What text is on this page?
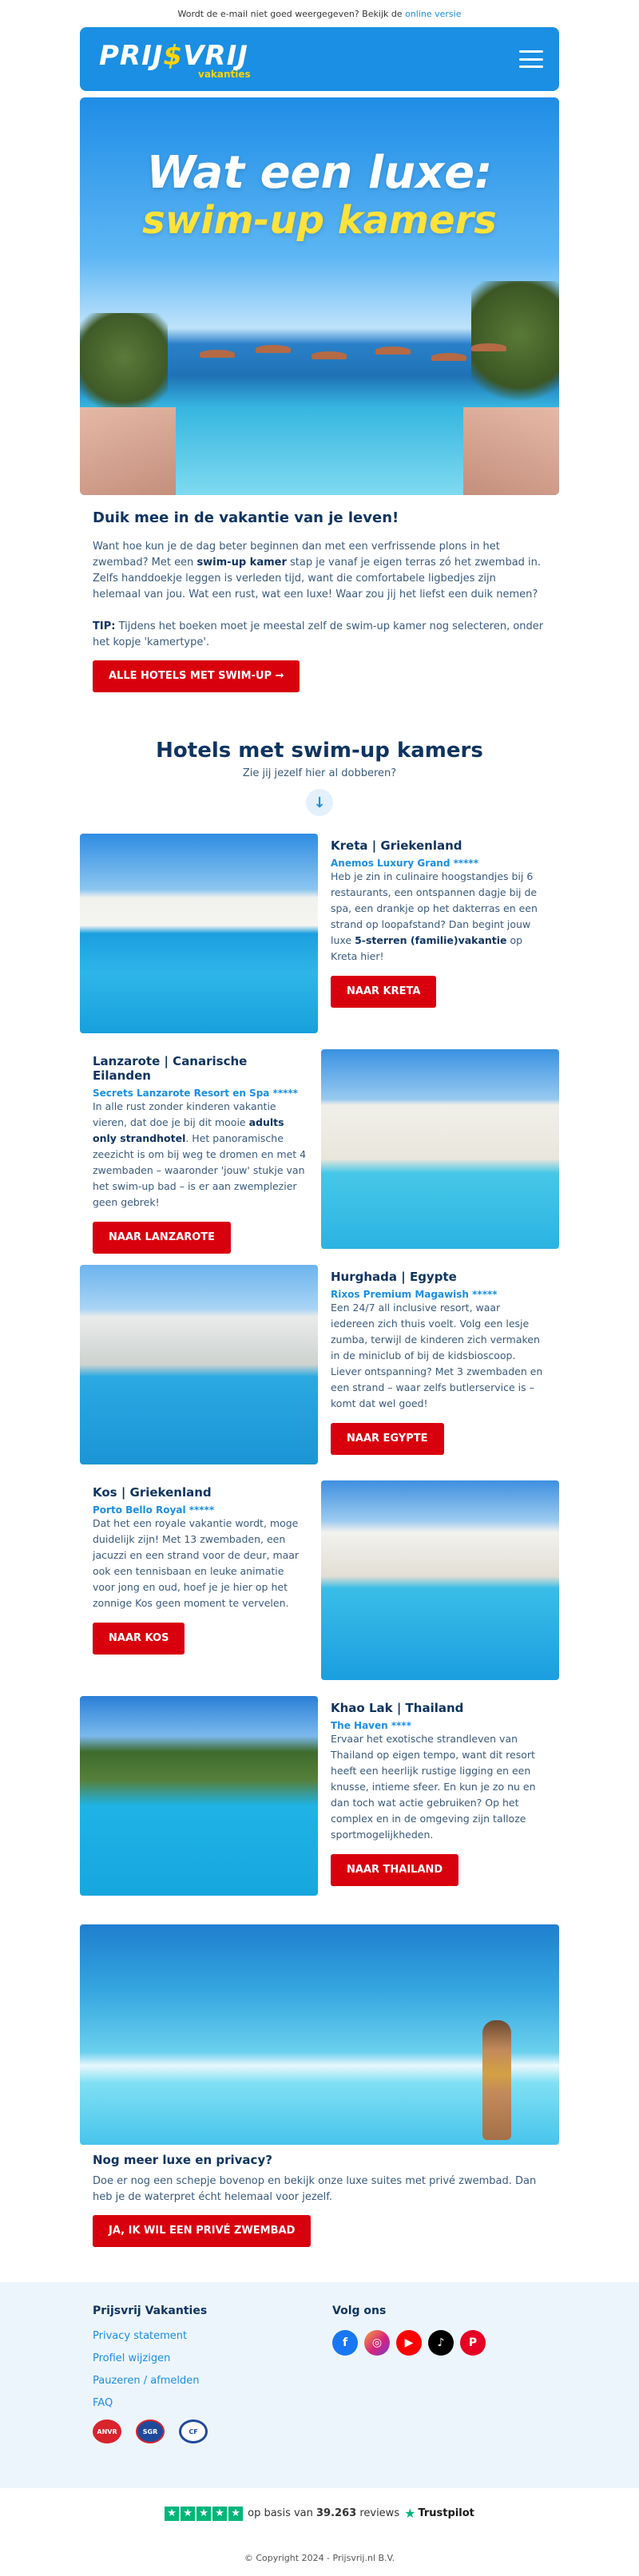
Wordt de e-mail niet goed weergegeven? Bekijk de online versie
PRIJ$VRIJ
vakanties
Wat een luxe:
swim-up kamers
Duik mee in de vakantie van je leven!

Want hoe kun je de dag beter beginnen dan met een verfrissende plons in het zwembad? Met een swim-up kamer stap je vanaf je eigen terras zó het zwembad in. Zelfs handdoekje leggen is verleden tijd, want die comfortabele ligbedjes zijn helemaal van jou. Wat een rust, wat een luxe! Waar zou jij het liefst een duik nemen?

TIP: Tijdens het boeken moet je meestal zelf de swim-up kamer nog selecteren, onder het kopje 'kamertype'.

ALLE HOTELS MET SWIM-UP →
Hotels met swim-up kamers
Zie jij jezelf hier al dobberen?
↓
Kreta | Griekenland
Anemos Luxury Grand *****

Heb je zin in culinaire hoogstandjes bij 6 restaurants, een ontspannen dagje bij de spa, een drankje op het dakterras en een strand op loopafstand? Dan begint jouw luxe 5-sterren (familie)vakantie op Kreta hier!

NAAR KRETA
Lanzarote | Canarische Eilanden
Secrets Lanzarote Resort en Spa *****

In alle rust zonder kinderen vakantie vieren, dat doe je bij dit mooie adults only strandhotel. Het panoramische zeezicht is om bij weg te dromen en met 4 zwembaden – waaronder 'jouw' stukje van het swim-up bad – is er aan zwemplezier geen gebrek!

NAAR LANZAROTE
Hurghada | Egypte
Rixos Premium Magawish *****

Een 24/7 all inclusive resort, waar iedereen zich thuis voelt. Volg een lesje zumba, terwijl de kinderen zich vermaken in de miniclub of bij de kidsbioscoop. Liever ontspanning? Met 3 zwembaden en een strand – waar zelfs butlerservice is – komt dat wel goed!

NAAR EGYPTE
Kos | Griekenland
Porto Bello Royal *****

Dat het een royale vakantie wordt, moge duidelijk zijn! Met 13 zwembaden, een jacuzzi en een strand voor de deur, maar ook een tennisbaan en leuke animatie voor jong en oud, hoef je je hier op het zonnige Kos geen moment te vervelen.

NAAR KOS
Khao Lak | Thailand
The Haven ****

Ervaar het exotische strandleven van Thailand op eigen tempo, want dit resort heeft een heerlijk rustige ligging en een knusse, intieme sfeer. En kun je zo nu en dan toch wat actie gebruiken? Op het complex en in de omgeving zijn talloze sportmogelijkheden.

NAAR THAILAND
Nog meer luxe en privacy?

Doe er nog een schepje bovenop en bekijk onze luxe suites met privé zwembad. Dan heb je de waterpret écht helemaal voor jezelf.

JA, IK WIL EEN PRIVÉ ZWEMBAD
Prijsvrij Vakanties
Privacy statement
Profiel wijzigen
Pauzeren / afmelden
FAQ
ANVR	SGR	CF
Volg ons
f	◎	▶	♪	P
★ ★ ★ ★ ★ op basis van 39.263 reviews ★ Trustpilot
© Copyright 2024 - Prijsvrij.nl B.V.
